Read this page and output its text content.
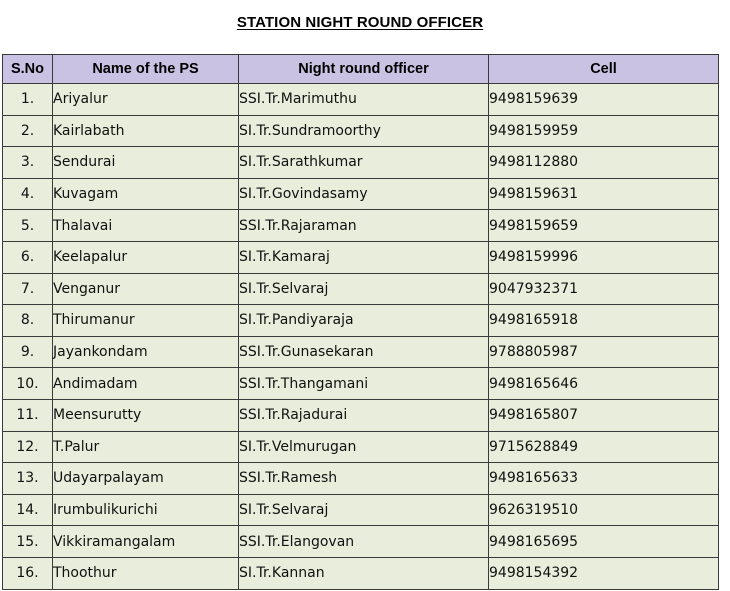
STATION NIGHT ROUND OFFICER
S.No	Name of the PS	Night round officer	Cell
1.	Ariyalur	SSI.Tr.Marimuthu	9498159639
2.	Kairlabath	SI.Tr.Sundramoorthy	9498159959
3.	Sendurai	SI.Tr.Sarathkumar	9498112880
4.	Kuvagam	SI.Tr.Govindasamy	9498159631
5.	Thalavai	SSI.Tr.Rajaraman	9498159659
6.	Keelapalur	SI.Tr.Kamaraj	9498159996
7.	Venganur	SI.Tr.Selvaraj	9047932371
8.	Thirumanur	SI.Tr.Pandiyaraja	9498165918
9.	Jayankondam	SSI.Tr.Gunasekaran	9788805987
10.	Andimadam	SSI.Tr.Thangamani	9498165646
11.	Meensurutty	SSI.Tr.Rajadurai	9498165807
12.	T.Palur	SI.Tr.Velmurugan	9715628849
13.	Udayarpalayam	SSI.Tr.Ramesh	9498165633
14.	Irumbulikurichi	SI.Tr.Selvaraj	9626319510
15.	Vikkiramangalam	SSI.Tr.Elangovan	9498165695
16.	Thoothur	SI.Tr.Kannan	9498154392
